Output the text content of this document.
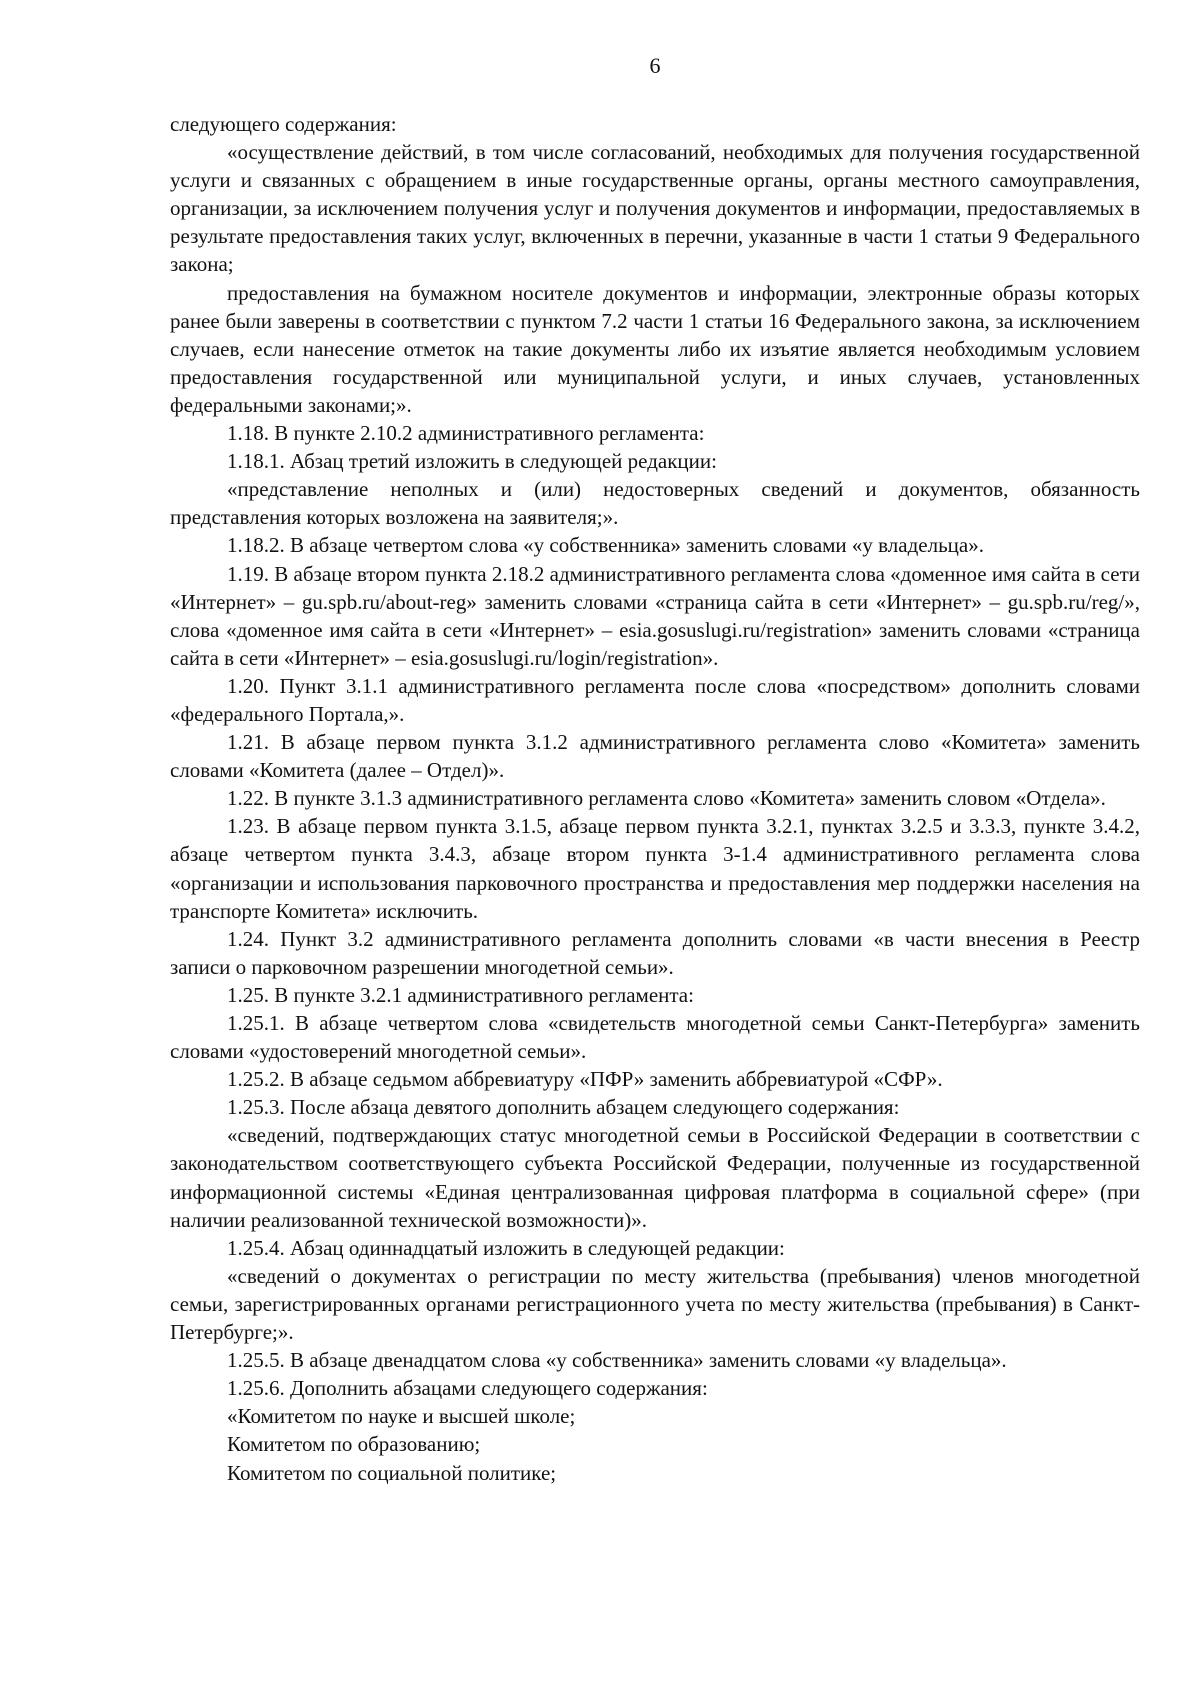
6

следующего содержания:

«осуществление действий, в том числе согласований, необходимых для получения государственной услуги и связанных с обращением в иные государственные органы, органы местного самоуправления, организации, за исключением получения услуг и получения документов и информации, предоставляемых в результате предоставления таких услуг, включенных в перечни, указанные в части 1 статьи 9 Федерального закона;

предоставления на бумажном носителе документов и информации, электронные образы которых ранее были заверены в соответствии с пунктом 7.2 части 1 статьи 16 Федерального закона, за исключением случаев, если нанесение отметок на такие документы либо их изъятие является необходимым условием предоставления государственной или муниципальной услуги, и иных случаев, установленных федеральными законами;».

1.18. В пункте 2.10.2 административного регламента:

1.18.1. Абзац третий изложить в следующей редакции:

«представление неполных и (или) недостоверных сведений и документов, обязанность представления которых возложена на заявителя;».

1.18.2. В абзаце четвертом слова «у собственника» заменить словами «у владельца».

1.19. В абзаце втором пункта 2.18.2 административного регламента слова «доменное имя сайта в сети «Интернет» – gu.spb.ru/about-reg» заменить словами «страница сайта в сети «Интернет» – gu.spb.ru/reg/», слова «доменное имя сайта в сети «Интернет» – esia.gosuslugi.ru/registration» заменить словами «страница сайта в сети «Интернет» – esia.gosuslugi.ru/login/registration».

1.20. Пункт 3.1.1 административного регламента после слова «посредством» дополнить словами «федерального Портала,».

1.21. В абзаце первом пункта 3.1.2 административного регламента слово «Комитета» заменить словами «Комитета (далее – Отдел)».

1.22. В пункте 3.1.3 административного регламента слово «Комитета» заменить словом «Отдела».

1.23. В абзаце первом пункта 3.1.5, абзаце первом пункта 3.2.1, пунктах 3.2.5 и 3.3.3, пункте 3.4.2, абзаце четвертом пункта 3.4.3, абзаце втором пункта 3-1.4 административного регламента слова «организации и использования парковочного пространства и предоставления мер поддержки населения на транспорте Комитета» исключить.

1.24. Пункт 3.2 административного регламента дополнить словами «в части внесения в Реестр записи о парковочном разрешении многодетной семьи».

1.25. В пункте 3.2.1 административного регламента:

1.25.1. В абзаце четвертом слова «свидетельств многодетной семьи Санкт-Петербурга» заменить словами «удостоверений многодетной семьи».

1.25.2. В абзаце седьмом аббревиатуру «ПФР» заменить аббревиатурой «СФР».

1.25.3. После абзаца девятого дополнить абзацем следующего содержания:

«сведений, подтверждающих статус многодетной семьи в Российской Федерации в соответствии с законодательством соответствующего субъекта Российской Федерации, полученные из государственной информационной системы «Единая централизованная цифровая платформа в социальной сфере» (при наличии реализованной технической возможности)».

1.25.4. Абзац одиннадцатый изложить в следующей редакции:

«сведений о документах о регистрации по месту жительства (пребывания) членов многодетной семьи, зарегистрированных органами регистрационного учета по месту жительства (пребывания) в Санкт-Петербурге;».

1.25.5. В абзаце двенадцатом слова «у собственника» заменить словами «у владельца».

1.25.6. Дополнить абзацами следующего содержания:

«Комитетом по науке и высшей школе;

Комитетом по образованию;

Комитетом по социальной политике;
